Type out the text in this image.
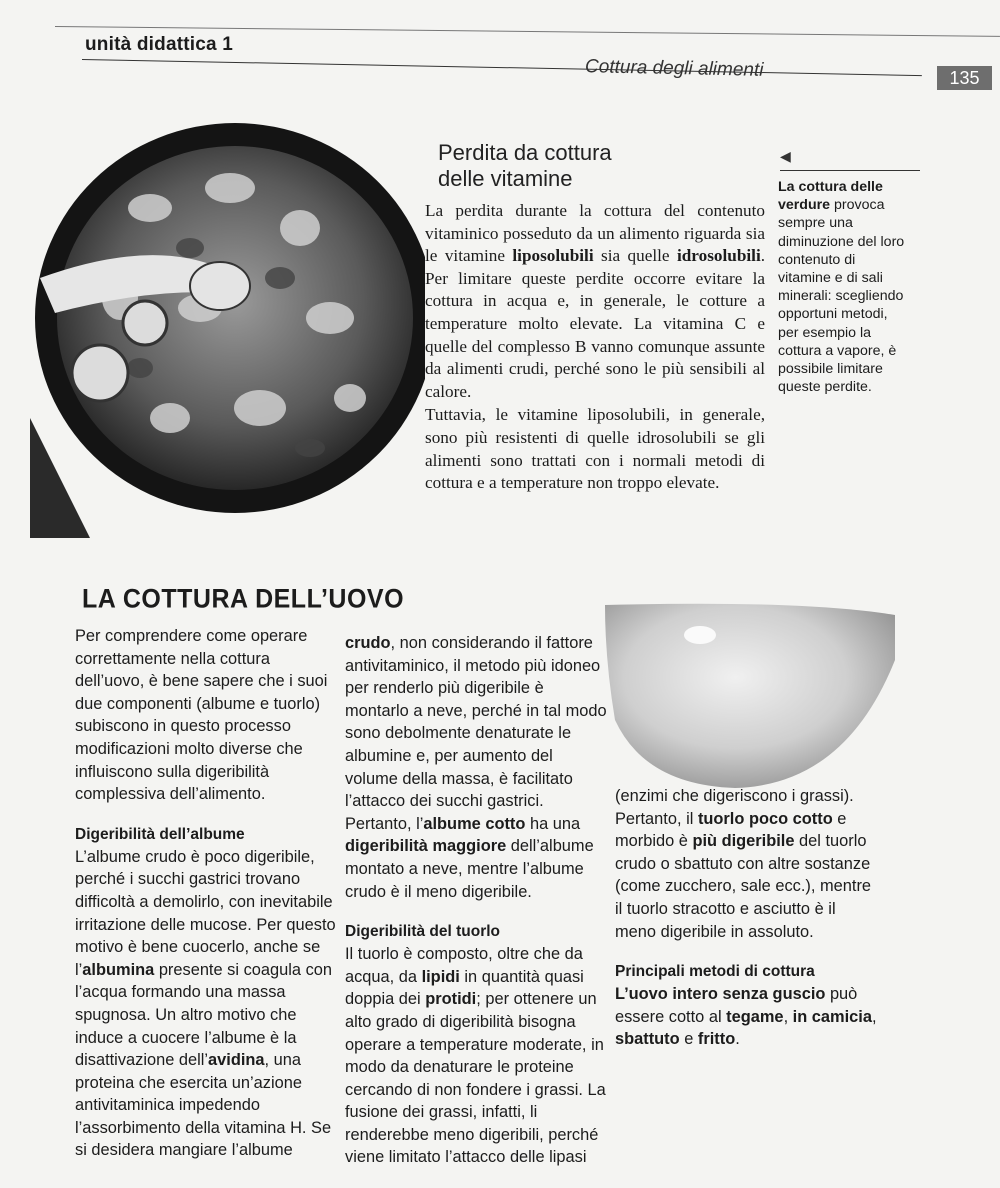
unità didattica 1
Cottura degli alimenti	135
Perdita da cottura
delle vitamine

La perdita durante la cottura del contenuto vitaminico posseduto da un alimento riguarda sia le vitamine liposolubili sia quelle idrosolubili. Per limitare queste perdite occorre evitare la cottura in acqua e, in generale, le cotture a temperature molto elevate. La vitamina C e quelle del complesso B vanno comunque assunte da alimenti crudi, perché sono le più sensibili al calore.

Tuttavia, le vitamine liposolubili, in generale, sono più resistenti di quelle idrosolubili se gli alimenti sono trattati con i normali metodi di cottura e a temperature non troppo elevate.

◀
La cottura delle verdure provoca sempre una diminuzione del loro contenuto di vitamine e di sali minerali: scegliendo opportuni metodi, per esempio la cottura a vapore, è possibile limitare queste perdite.
LA COTTURA DELL’UOVO

Per comprendere come operare correttamente nella cottura dell’uovo, è bene sapere che i suoi due componenti (albume e tuorlo) subiscono in questo processo modificazioni molto diverse che influiscono sulla digeribilità complessiva dell’alimento.

Digeribilità dell’albume

L’albume crudo è poco digeribile, perché i succhi gastrici trovano difficoltà a demolirlo, con inevitabile irritazione delle mucose. Per questo motivo è bene cuocerlo, anche se l’albumina presente si coagula con l’acqua formando una massa spugnosa. Un altro motivo che induce a cuocere l’albume è la disattivazione dell’avidina, una proteina che esercita un’azione antivitaminica impedendo l’assorbimento della vitamina H. Se si desidera mangiare l’albume

crudo, non considerando il fattore antivitaminico, il metodo più idoneo per renderlo più digeribile è montarlo a neve, perché in tal modo sono debolmente denaturate le albumine e, per aumento del volume della massa, è facilitato l’attacco dei succhi gastrici. Pertanto, l’albume cotto ha una digeribilità maggiore dell’albume montato a neve, mentre l’albume crudo è il meno digeribile.

Digeribilità del tuorlo

Il tuorlo è composto, oltre che da acqua, da lipidi in quantità quasi doppia dei protidi; per ottenere un alto grado di digeribilità bisogna operare a temperature moderate, in modo da denaturare le proteine cercando di non fondere i grassi. La fusione dei grassi, infatti, li renderebbe meno digeribili, perché viene limitato l’attacco delle lipasi

(enzimi che digeriscono i grassi). Pertanto, il tuorlo poco cotto e morbido è più digeribile del tuorlo crudo o sbattuto con altre sostanze (come zucchero, sale ecc.), mentre il tuorlo stracotto e asciutto è il meno digeribile in assoluto.

Principali metodi di cottura

L’uovo intero senza guscio può essere cotto al tegame, in camicia, sbattuto e fritto.
